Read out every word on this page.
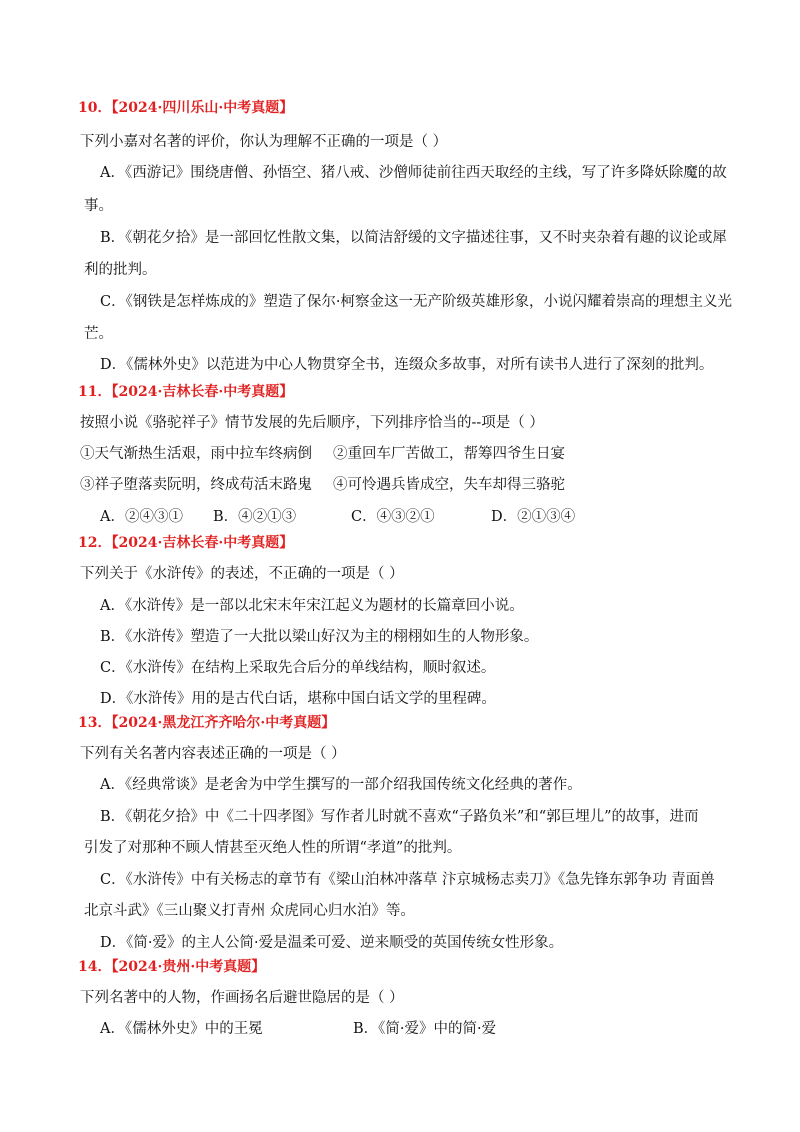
10．【2024·四川乐山·中考真题】
下列小嘉对名著的评价，你认为理解不正确的一项是（ ）
A．《西游记》围绕唐僧、孙悟空、猪八戒、沙僧师徒前往西天取经的主线，写了许多降妖除魔的故
事。
B．《朝花夕拾》是一部回忆性散文集，以简洁舒缓的文字描述往事，又不时夹杂着有趣的议论或犀
利的批判。
C．《钢铁是怎样炼成的》塑造了保尔·柯察金这一无产阶级英雄形象，小说闪耀着崇高的理想主义光
芒。
D．《儒林外史》以范进为中心人物贯穿全书，连缀众多故事，对所有读书人进行了深刻的批判。
11．【2024·吉林长春·中考真题】
按照小说《骆驼祥子》情节发展的先后顺序，下列排序恰当的--项是（ ）
①天气渐热生活艰，雨中拉车终病倒 ②重回车厂苦做工，帮筹四爷生日宴
③祥子堕落卖阮明，终成苟活末路鬼 ④可怜遇兵皆成空，失车却得三骆驼
A．②④③① B．④②①③	C．④③②①	D．②①③④
12．【2024·吉林长春·中考真题】
下列关于《水浒传》的表述，不正确的一项是（ ）
A．《水浒传》是一部以北宋末年宋江起义为题材的长篇章回小说。
B．《水浒传》塑造了一大批以梁山好汉为主的栩栩如生的人物形象。
C．《水浒传》在结构上采取先合后分的单线结构，顺时叙述。
D．《水浒传》用的是古代白话，堪称中国白话文学的里程碑。
13．【2024·黑龙江齐齐哈尔·中考真题】
下列有关名著内容表述正确的一项是（ ）
A．《经典常谈》是老舍为中学生撰写的一部介绍我国传统文化经典的著作。
B．《朝花夕拾》中《二十四孝图》写作者儿时就不喜欢“子路负米”和“郭巨埋儿”的故事，进而
引发了对那种不顾人情甚至灭绝人性的所谓“孝道”的批判。
C．《水浒传》中有关杨志的章节有《梁山泊林冲落草 汴京城杨志卖刀》《急先锋东郭争功 青面兽
北京斗武》《三山聚义打青州 众虎同心归水泊》等。
D．《简·爱》的主人公简·爱是温柔可爱、逆来顺受的英国传统女性形象。
14．【2024·贵州·中考真题】
下列名著中的人物，作画扬名后避世隐居的是（ ）
A．《儒林外史》中的王冕	B．《简·爱》中的简·爱
